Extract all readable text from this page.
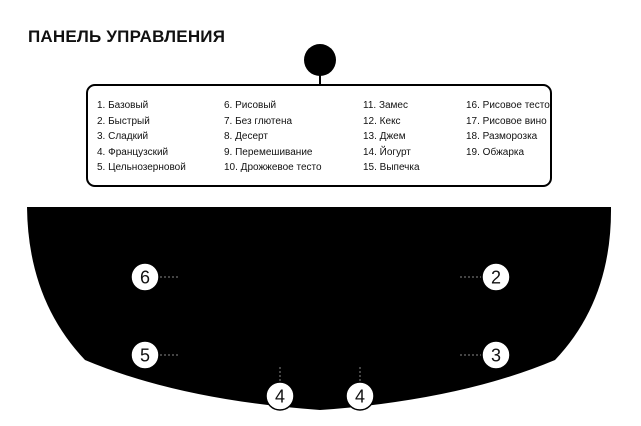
ПАНЕЛЬ УПРАВЛЕНИЯ
1. Базовый
2. Быстрый
3. Сладкий
4. Французский
5. Цельнозерновой
6. Рисовый
7. Без глютена
8. Десерт
9. Перемешивание
10. Дрожжевое тесто
11. Замес
12. Кекс
13. Джем
14. Йогурт
15. Выпечка
16. Рисовое тесто
17. Рисовое вино
18. Разморозка
19. Обжарка
6	2
5	3
4	4
